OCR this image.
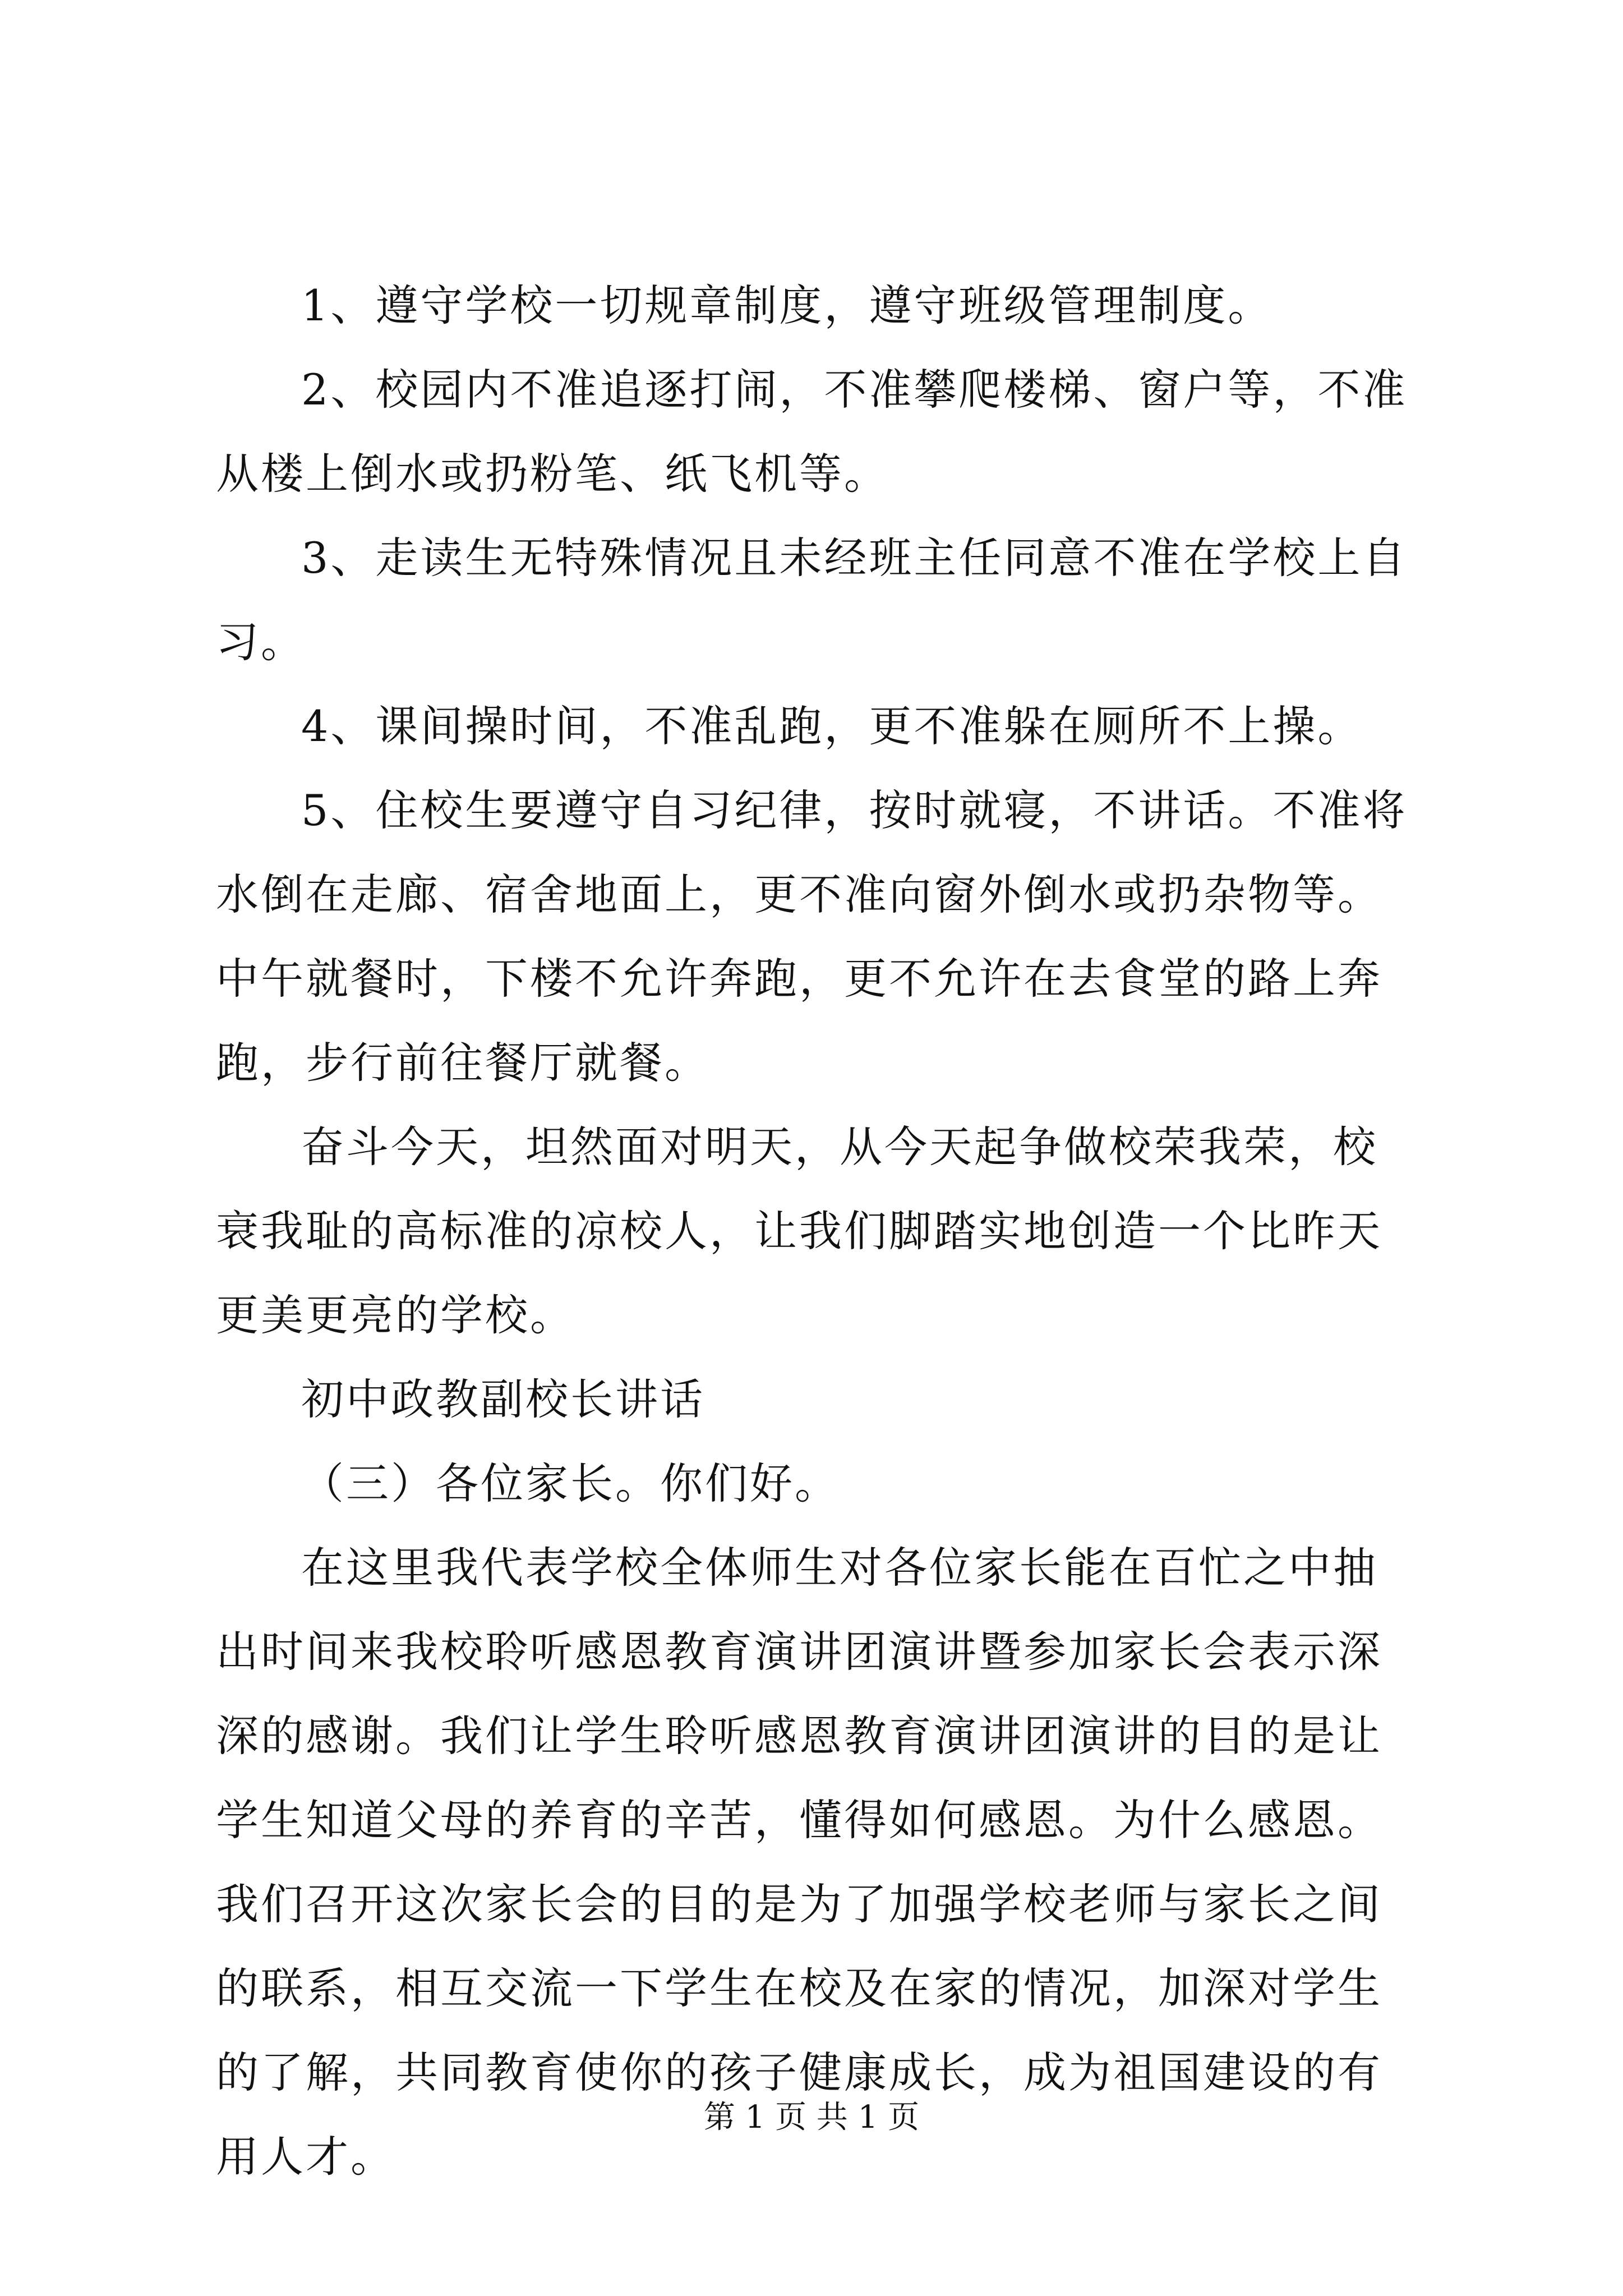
1、遵守学校一切规章制度，遵守班级管理制度。

2、校园内不准追逐打闹，不准攀爬楼梯、窗户等，不准从楼上倒水或扔粉笔、纸飞机等。

3、走读生无特殊情况且未经班主任同意不准在学校上自习。

4、课间操时间，不准乱跑，更不准躲在厕所不上操。

5、住校生要遵守自习纪律，按时就寝，不讲话。不准将水倒在走廊、宿舍地面上，更不准向窗外倒水或扔杂物等。中午就餐时，下楼不允许奔跑，更不允许在去食堂的路上奔跑，步行前往餐厅就餐。

奋斗今天，坦然面对明天，从今天起争做校荣我荣，校衰我耻的高标准的凉校人，让我们脚踏实地创造一个比昨天更美更亮的学校。

初中政教副校长讲话

（三）各位家长。你们好。

在这里我代表学校全体师生对各位家长能在百忙之中抽出时间来我校聆听感恩教育演讲团演讲暨参加家长会表示深深的感谢。我们让学生聆听感恩教育演讲团演讲的目的是让学生知道父母的养育的辛苦，懂得如何感恩。为什么感恩。我们召开这次家长会的目的是为了加强学校老师与家长之间的联系，相互交流一下学生在校及在家的情况，加深对学生的了解，共同教育使你的孩子健康成长，成为祖国建设的有用人才。

第 1 页 共 1 页
